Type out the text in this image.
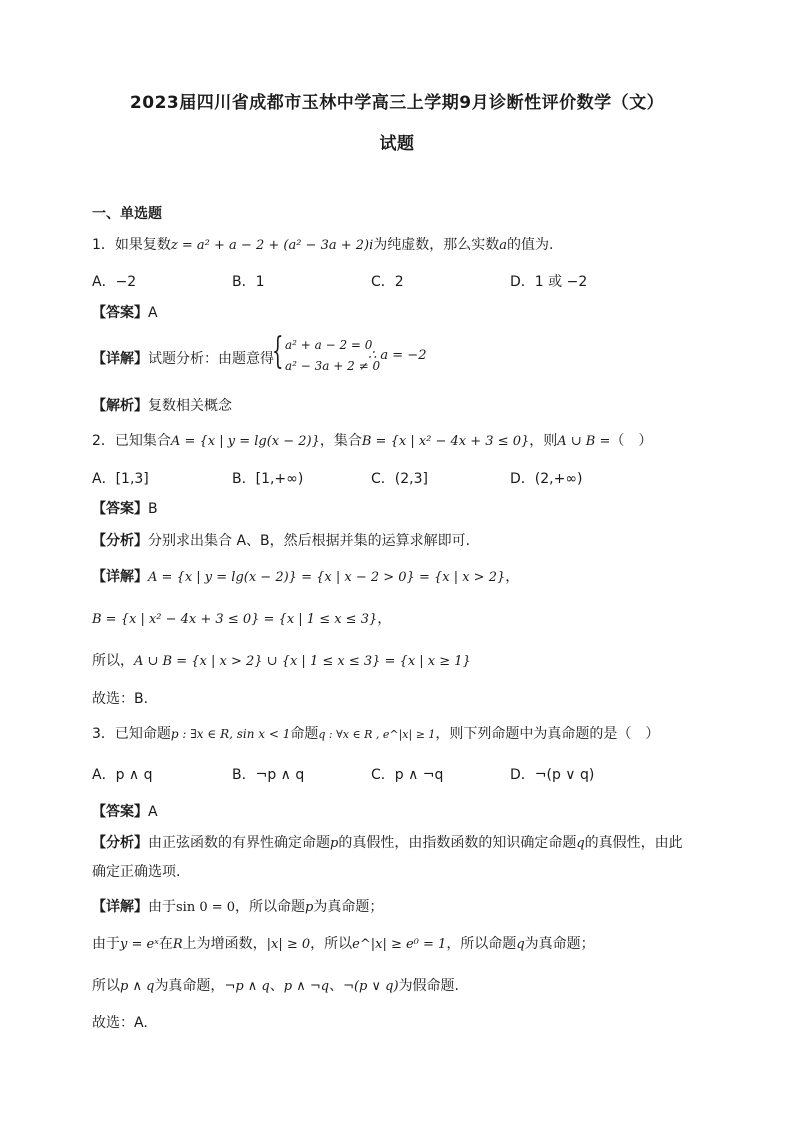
2023届四川省成都市玉林中学高三上学期9月诊断性评价数学（文）
试题
一、单选题
1．如果复数z = a² + a − 2 + (a² − 3a + 2)i为纯虚数，那么实数a的值为.
A．−2	B．1	C．2	D．1 或 −2
【答案】A
【详解】试题分析：由题意得
{ a² + a − 2 = 0
a² − 3a + 2 ≠ 0
∴ a = −2
【解析】复数相关概念
2．已知集合A = {x | y = lg(x − 2)}，集合B = {x | x² − 4x + 3 ≤ 0}，则A ∪ B =（　）
A．[1,3]	B．[1,+∞)	C．(2,3]	D．(2,+∞)
【答案】B
【分析】分别求出集合 A、B，然后根据并集的运算求解即可.
【详解】A = {x | y = lg(x − 2)} = {x | x − 2 > 0} = {x | x > 2}，
B = {x | x² − 4x + 3 ≤ 0} = {x | 1 ≤ x ≤ 3}，
所以，A ∪ B = {x | x > 2} ∪ {x | 1 ≤ x ≤ 3} = {x | x ≥ 1}
故选：B.
3．已知命题p : ∃x ∈ R, sin x < 1命题q : ∀x ∈ R , e^|x| ≥ 1，则下列命题中为真命题的是（　）
A．p ∧ q	B．¬p ∧ q	C．p ∧ ¬q	D．¬(p ∨ q)
【答案】A
【分析】由正弦函数的有界性确定命题p的真假性，由指数函数的知识确定命题q的真假性，由此
确定正确选项.
【详解】由于sin 0 = 0，所以命题p为真命题；
由于y = eˣ在R上为增函数，|x| ≥ 0，所以e^|x| ≥ e⁰ = 1，所以命题q为真命题；
所以p ∧ q为真命题，¬p ∧ q、p ∧ ¬q、¬(p ∨ q)为假命题.
故选：A.
